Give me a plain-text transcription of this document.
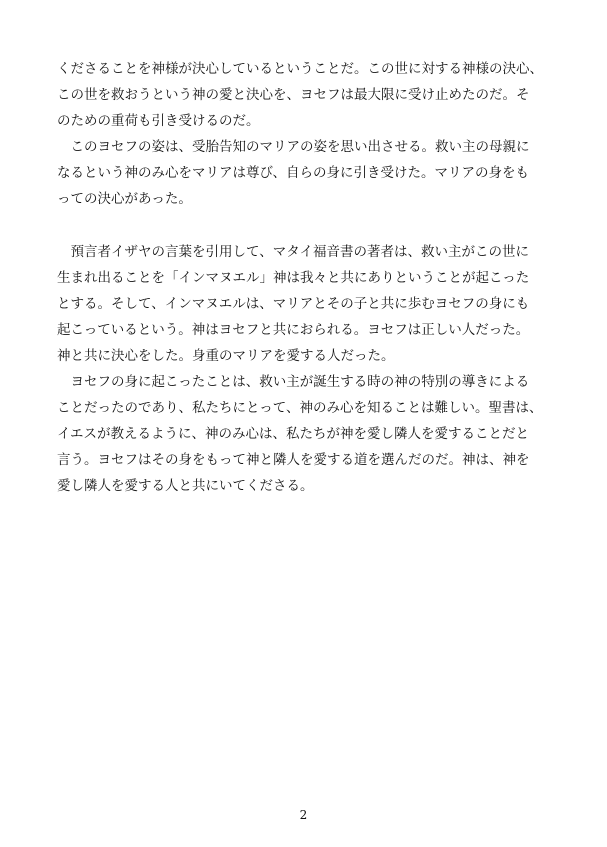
くださることを神様が決心しているということだ。この世に対する神様の決心、
この世を救おうという神の愛と決心を、ヨセフは最大限に受け止めたのだ。そ
のための重荷も引き受けるのだ。
　このヨセフの姿は、受胎告知のマリアの姿を思い出させる。救い主の母親に
なるという神のみ心をマリアは尊び、自らの身に引き受けた。マリアの身をも
っての決心があった。
　預言者イザヤの言葉を引用して、マタイ福音書の著者は、救い主がこの世に
生まれ出ることを「インマヌエル」神は我々と共にありということが起こった
とする。そして、インマヌエルは、マリアとその子と共に歩むヨセフの身にも
起こっているという。神はヨセフと共におられる。ヨセフは正しい人だった。
神と共に決心をした。身重のマリアを愛する人だった。
　ヨセフの身に起こったことは、救い主が誕生する時の神の特別の導きによる
ことだったのであり、私たちにとって、神のみ心を知ることは難しい。聖書は、
イエスが教えるように、神のみ心は、私たちが神を愛し隣人を愛することだと
言う。ヨセフはその身をもって神と隣人を愛する道を選んだのだ。神は、神を
愛し隣人を愛する人と共にいてくださる。
2
